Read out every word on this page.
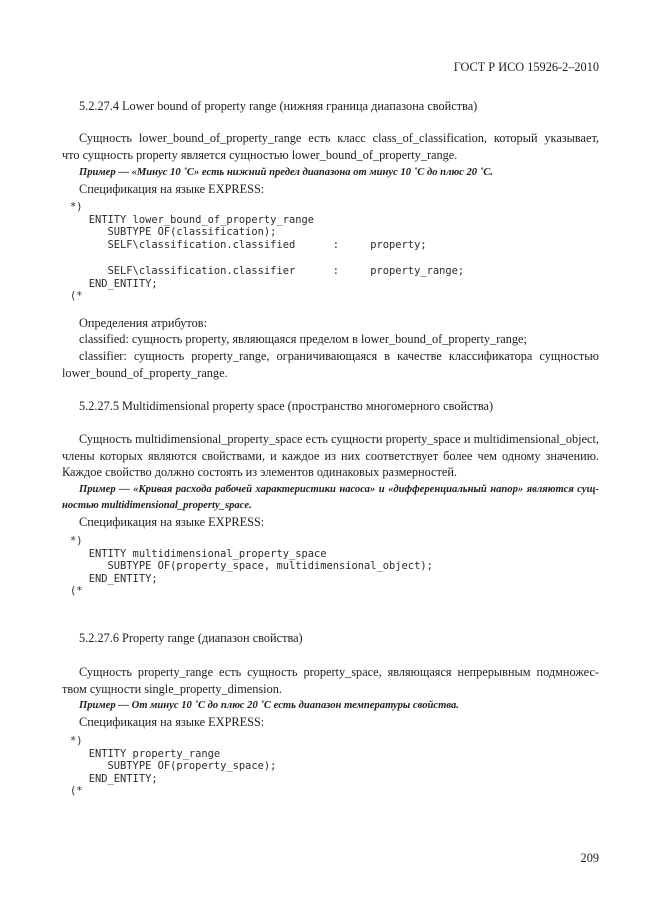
ГОСТ Р ИСО 15926-2–2010
5.2.27.4 Lower bound of property range (нижняя граница диапазона свойства)
Сущность lower_bound_of_property_range есть класс class_of_classification, который указывает,
что сущность property является сущностью lower_bound_of_property_range.
Пример — «Минус 10 ˚С» есть нижний предел диапазона от минус 10 ˚С до плюс 20 ˚С.
Спецификация на языке EXPRESS:
*)
ENTITY lower_bound_of_property_range
SUBTYPE OF(classification);
SELF\classification.classified      :     property;
SELF\classification.classifier      :     property_range;
END_ENTITY;
(*
Определения атрибутов:
classified: сущность property, являющаяся пределом в lower_bound_of_property_range;
classifier: сущность property_range, ограничивающаяся в качестве классификатора сущностью
lower_bound_of_property_range.
5.2.27.5 Multidimensional property space (пространство многомерного свойства)
Сущность multidimensional_property_space есть сущности property_space и multidimensional_object,
члены которых являются свойствами, и каждое из них соответствует более чем одному значению.
Каждое свойство должно состоять из элементов одинаковых размерностей.
Пример — «Кривая расхода рабочей характеристики насоса» и «дифференциальный напор» являются сущ-
ностью multidimensional_property_space.
Спецификация на языке EXPRESS:
*)
ENTITY multidimensional_property_space
SUBTYPE OF(property_space, multidimensional_object);
END_ENTITY;
(*
5.2.27.6 Property range (диапазон свойства)
Сущность property_range есть сущность property_space, являющаяся непрерывным подмножес-
твом сущности single_property_dimension.
Пример — От минус 10 ˚С до плюс 20 ˚С есть диапазон температуры свойства.
Спецификация на языке EXPRESS:
*)
ENTITY property_range
SUBTYPE OF(property_space);
END_ENTITY;
(*
209
